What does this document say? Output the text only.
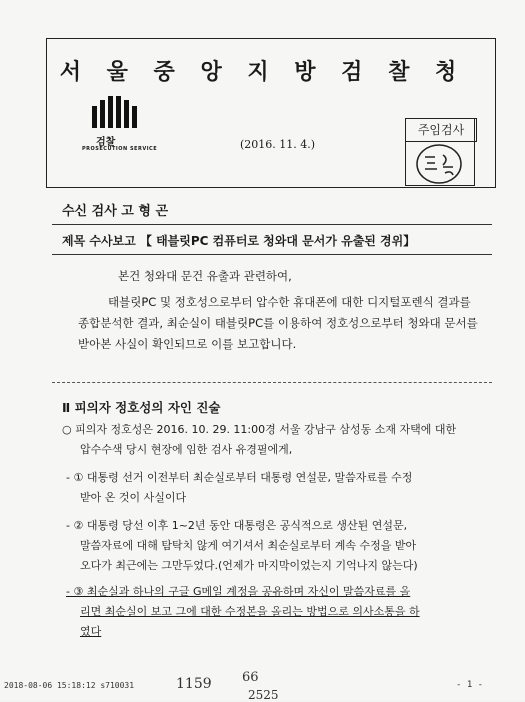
서 울 중 앙 지 방 검 찰 청
검찰
PROSECUTION SERVICE	(2016. 11. 4.)
주임검사
수신 검사 고 형 곤
제목 수사보고 【 태블릿PC 컴퓨터로 청와대 문서가 유출된 경위】
본건 청와대 문건 유출과 관련하여,
태블릿PC 및 정호성으로부터 압수한 휴대폰에 대한 디지털포렌식 결과를 종합분석한 결과, 최순실이 태블릿PC를 이용하여 정호성으로부터 청와대 문서를 받아본 사실이 확인되므로 이를 보고합니다.
Ⅱ 피의자 정호성의 자인 진술
○ 피의자 정호성은 2016. 10. 29. 11:00경 서울 강남구 삼성동 소재 자택에 대한
압수수색 당시 현장에 임한 검사 유경필에게,
- ① 대통령 선거 이전부터 최순실로부터 대통령 연설문, 말씀자료를 수정
받아 온 것이 사실이다
- ② 대통령 당선 이후 1~2년 동안 대통령은 공식적으로 생산된 연설문,
말씀자료에 대해 탐탁치 않게 여기셔서 최순실로부터 계속 수정을 받아
오다가 최근에는 그만두었다.(언제가 마지막이었는지 기억나지 않는다)
- ③ 최순실과 하나의 구글 G메일 계정을 공유하며 자신이 말씀자료를 올
리면 최순실이 보고 그에 대한 수정본을 올리는 방법으로 의사소통을 하
였다
2018-08-06 15:18:12 s710031	1159 66
2525
- 1 -
